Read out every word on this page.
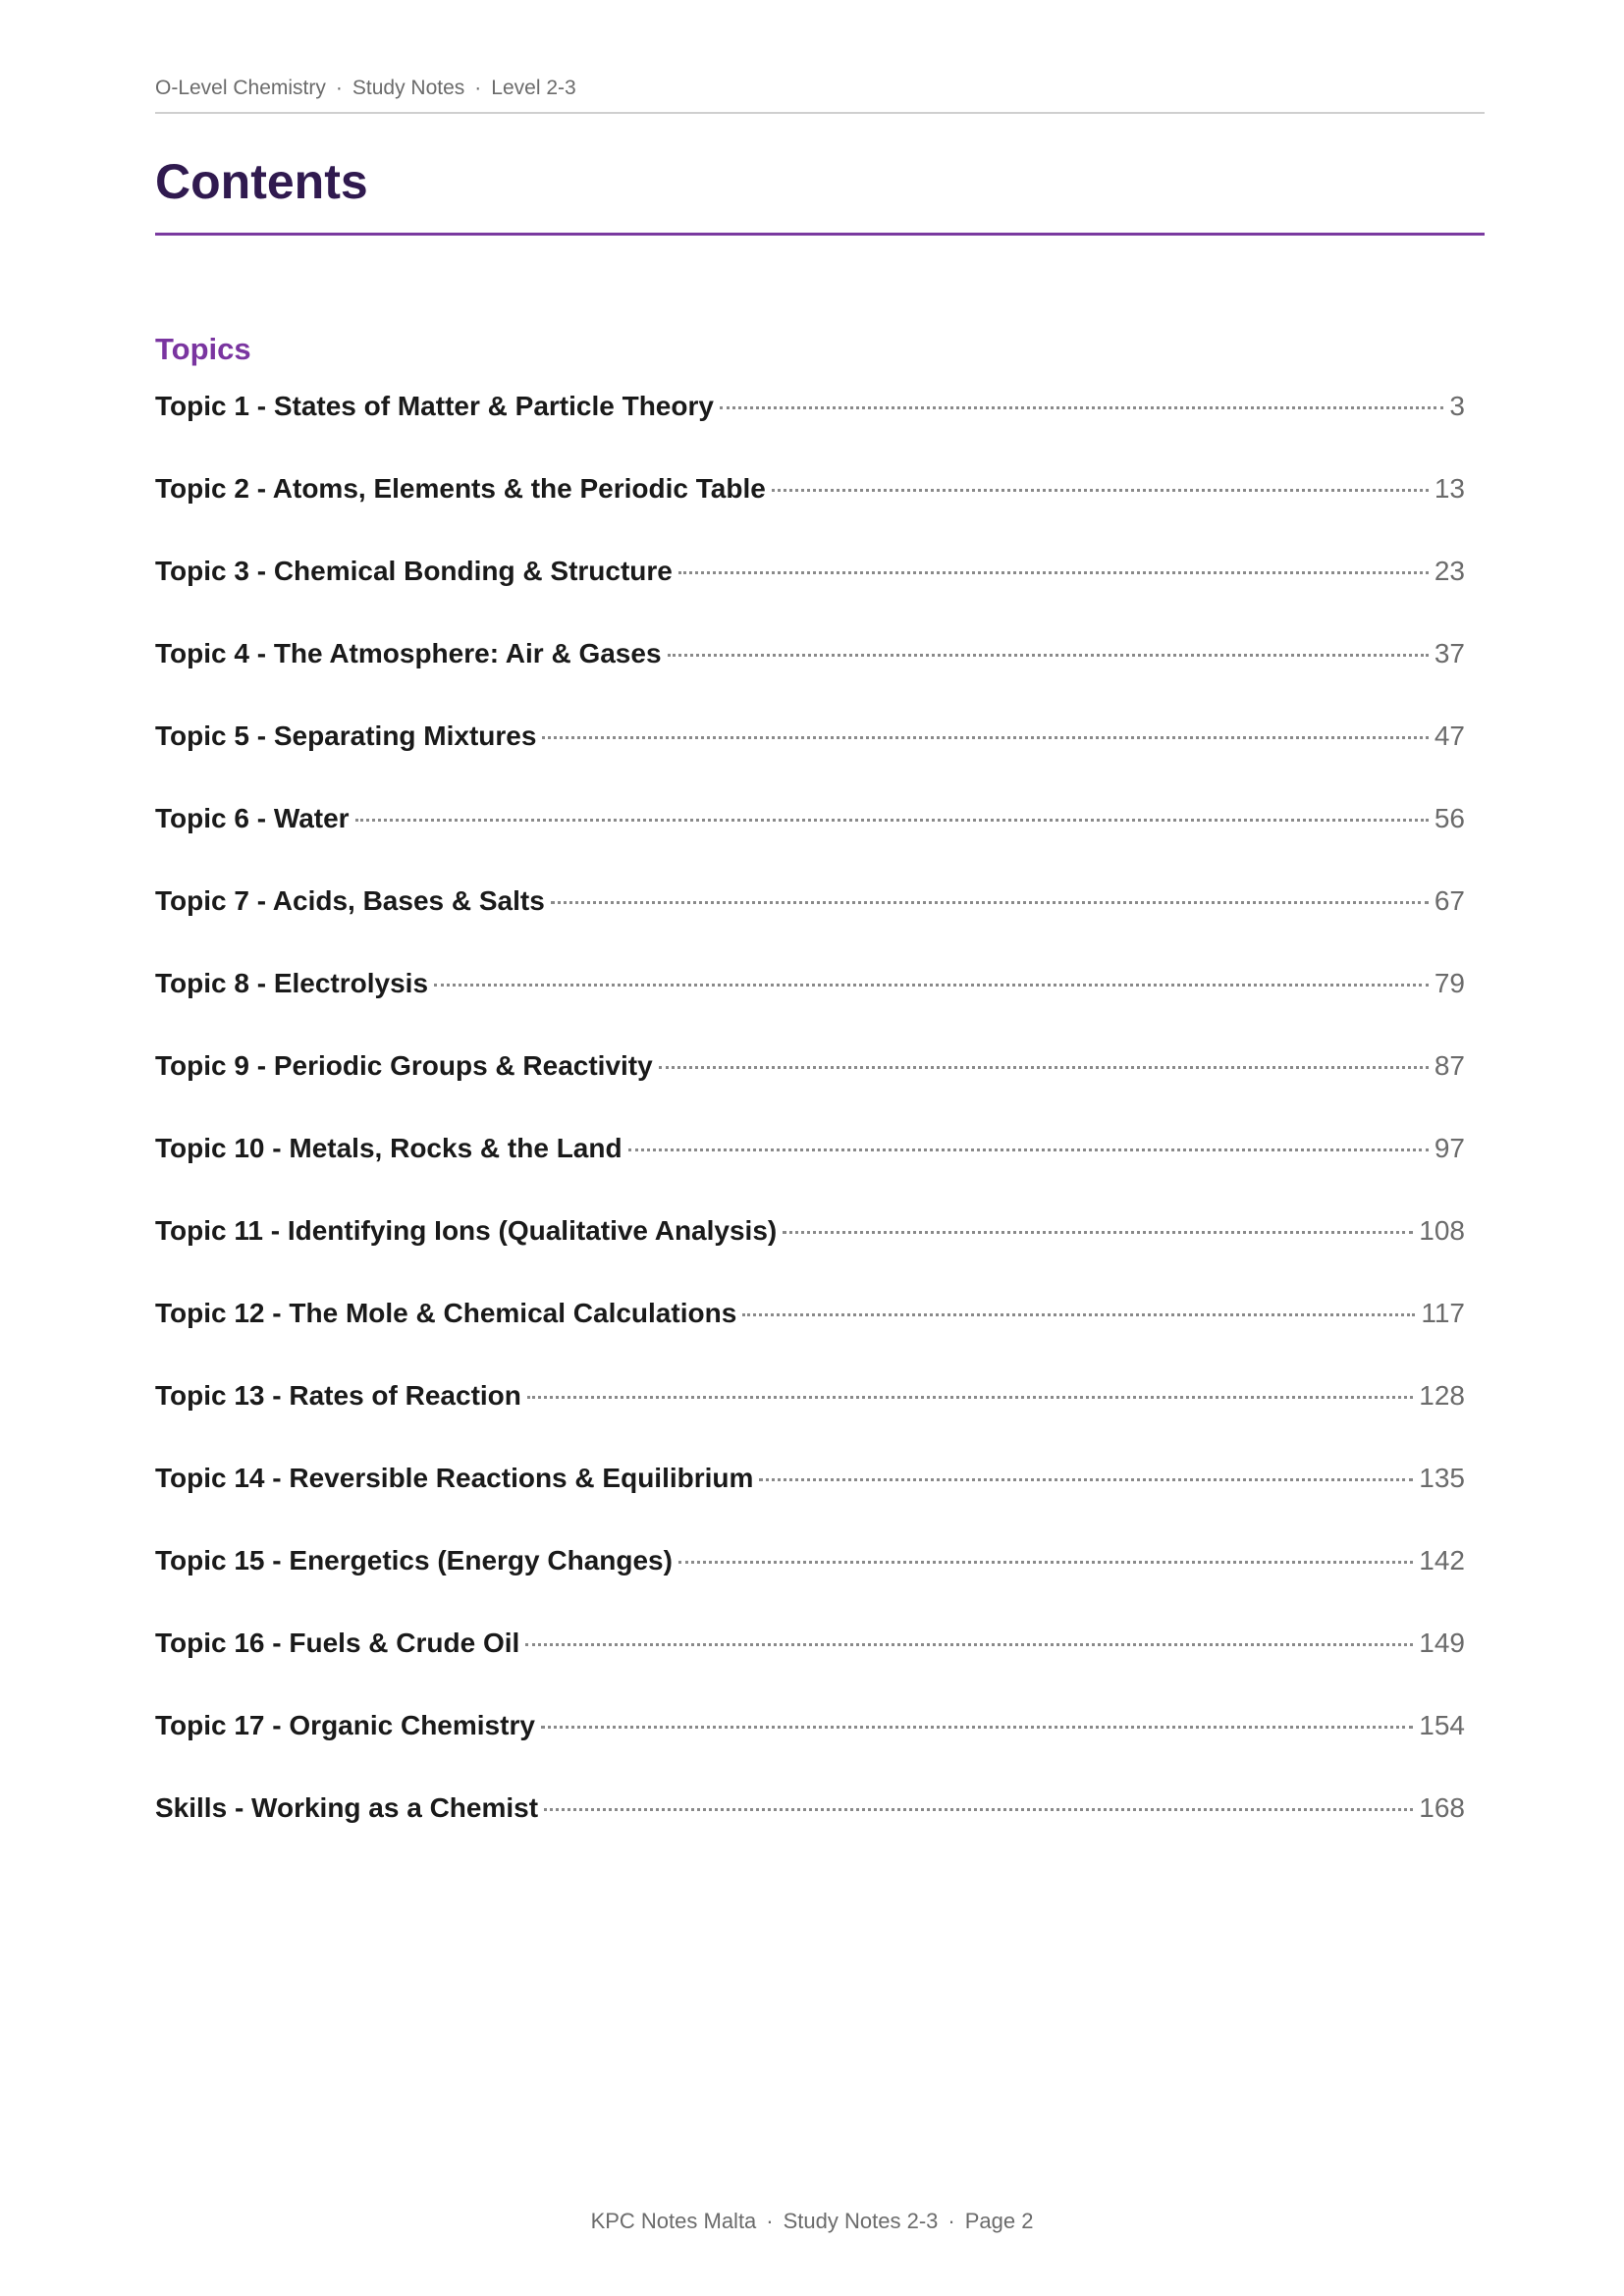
O-Level Chemistry · Study Notes · Level 2-3
Contents
Topics
Topic 1 - States of Matter & Particle Theory	3
Topic 2 - Atoms, Elements & the Periodic Table	13
Topic 3 - Chemical Bonding & Structure	23
Topic 4 - The Atmosphere: Air & Gases	37
Topic 5 - Separating Mixtures	47
Topic 6 - Water	56
Topic 7 - Acids, Bases & Salts	67
Topic 8 - Electrolysis	79
Topic 9 - Periodic Groups & Reactivity	87
Topic 10 - Metals, Rocks & the Land	97
Topic 11 - Identifying Ions (Qualitative Analysis)	108
Topic 12 - The Mole & Chemical Calculations	117
Topic 13 - Rates of Reaction	128
Topic 14 - Reversible Reactions & Equilibrium	135
Topic 15 - Energetics (Energy Changes)	142
Topic 16 - Fuels & Crude Oil	149
Topic 17 - Organic Chemistry	154
Skills - Working as a Chemist	168
KPC Notes Malta · Study Notes 2-3 · Page 2
